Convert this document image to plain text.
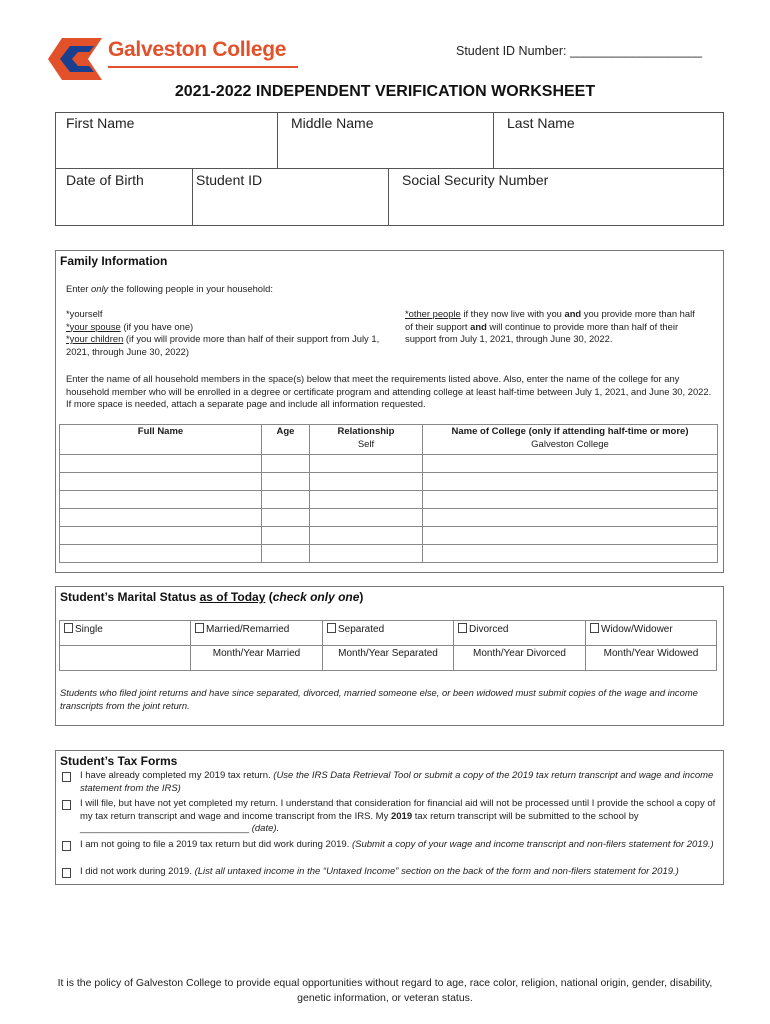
Galveston College	Student ID Number: ___________________
2021-2022 INDEPENDENT VERIFICATION WORKSHEET
First Name	Middle Name	Last Name
Date of Birth	Student ID	Social Security Number
Family Information
Enter only the following people in your household:
*yourself
*your spouse (if you have one)
*your children (if you will provide more than half of their support from July 1, 2021, through June 30, 2022)
*other people if they now live with you and you provide more than half of their support and will continue to provide more than half of their support from July 1, 2021, through June 30, 2022.
Enter the name of all household members in the space(s) below that meet the requirements listed above. Also, enter the name of the college for any household member who will be enrolled in a degree or certificate program and attending college at least half-time between July 1, 2021, and June 30, 2022. If more space is needed, attach a separate page and include all information requested.
Full Name	Age	Relationship	Name of College (only if attending half-time or more)
		Self	Galveston College

Student’s Marital Status as of Today (check only one)
Single	Married/Remarried	Separated	Divorced	Widow/Widower
	Month/Year Married	Month/Year Separated	Month/Year Divorced	Month/Year Widowed
Students who filed joint returns and have since separated, divorced, married someone else, or been widowed must submit copies of the wage and income transcripts from the joint return.
Student’s Tax Forms
I have already completed my 2019 tax return. (Use the IRS Data Retrieval Tool or submit a copy of the 2019 tax return transcript and wage and income statement from the IRS)
I will file, but have not yet completed my return. I understand that consideration for financial aid will not be processed until I provide the school a copy of my tax return transcript and wage and income transcript from the IRS. My 2019 tax return transcript will be submitted to the school by ________________________________ (date).
I am not going to file a 2019 tax return but did work during 2019. (Submit a copy of your wage and income transcript and non-filers statement for 2019.)
I did not work during 2019. (List all untaxed income in the “Untaxed Income” section on the back of the form and non-filers statement for 2019.)
It is the policy of Galveston College to provide equal opportunities without regard to age, race color, religion, national origin, gender, disability, genetic information, or veteran status.
